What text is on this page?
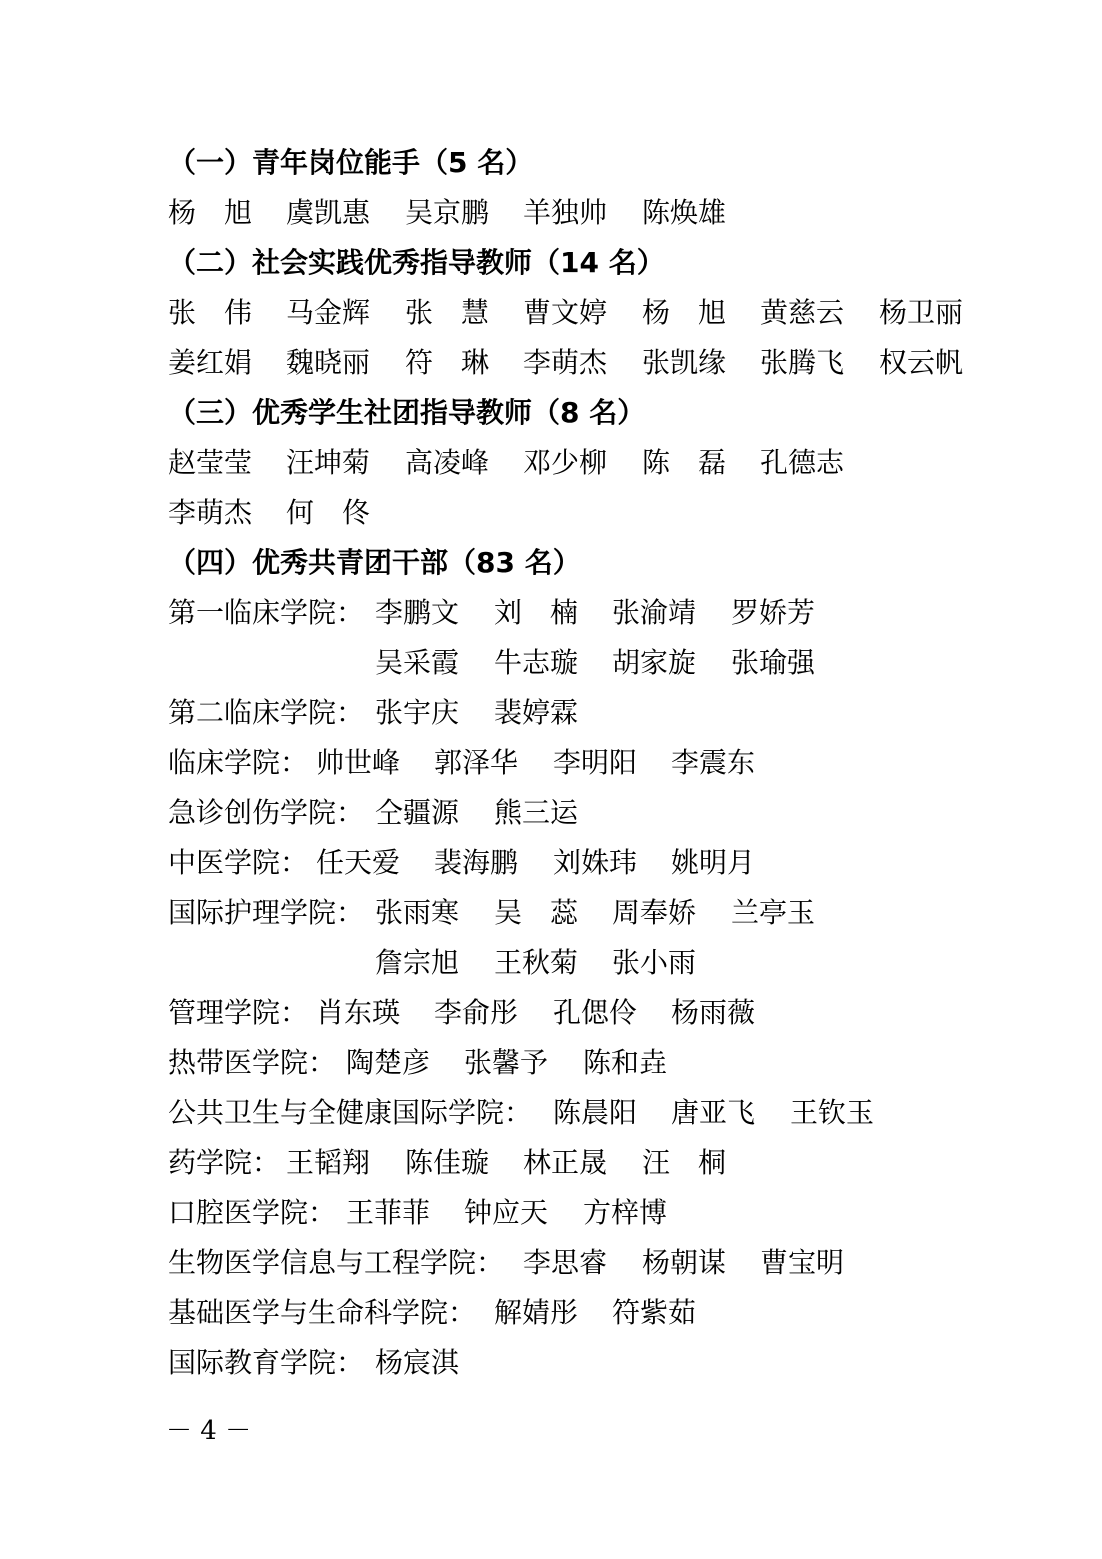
（一）青年岗位能手（5 名）
杨　旭 虞凯惠 吴京鹏 羊独帅 陈焕雄
（二）社会实践优秀指导教师（14 名）
张　伟 马金辉 张　慧 曹文婷 杨　旭 黄慈云 杨卫丽
姜红娟 魏晓丽 符　琳 李萌杰 张凯缘 张腾飞 权云帆
（三）优秀学生社团指导教师（8 名）
赵莹莹 汪坤菊 高凌峰 邓少柳 陈　磊 孔德志
李萌杰 何　佟
（四）优秀共青团干部（83 名）
第一临床学院： 李鹏文 刘　楠 张渝靖 罗娇芳
吴采霞 牛志璇 胡家旋 张瑜强
第二临床学院： 张宇庆 裴婷霖
临床学院： 帅世峰 郭泽华 李明阳 李震东
急诊创伤学院： 仝疆源 熊三运
中医学院： 任天爱 裴海鹏 刘姝玮 姚明月
国际护理学院： 张雨寒 吴　蕊 周奉娇 兰亭玉
詹宗旭 王秋菊 张小雨
管理学院： 肖东瑛 李俞彤 孔偲伶 杨雨薇
热带医学院： 陶楚彦 张馨予 陈和垚
公共卫生与全健康国际学院： 陈晨阳 唐亚飞 王钦玉
药学院： 王韬翔 陈佳璇 林正晟 汪　桐
口腔医学院： 王菲菲 钟应天 方梓博
生物医学信息与工程学院： 李思睿 杨朝谋 曹宝明
基础医学与生命科学院： 解婧彤 符紫茹
国际教育学院： 杨宸淇
－ 4 －
